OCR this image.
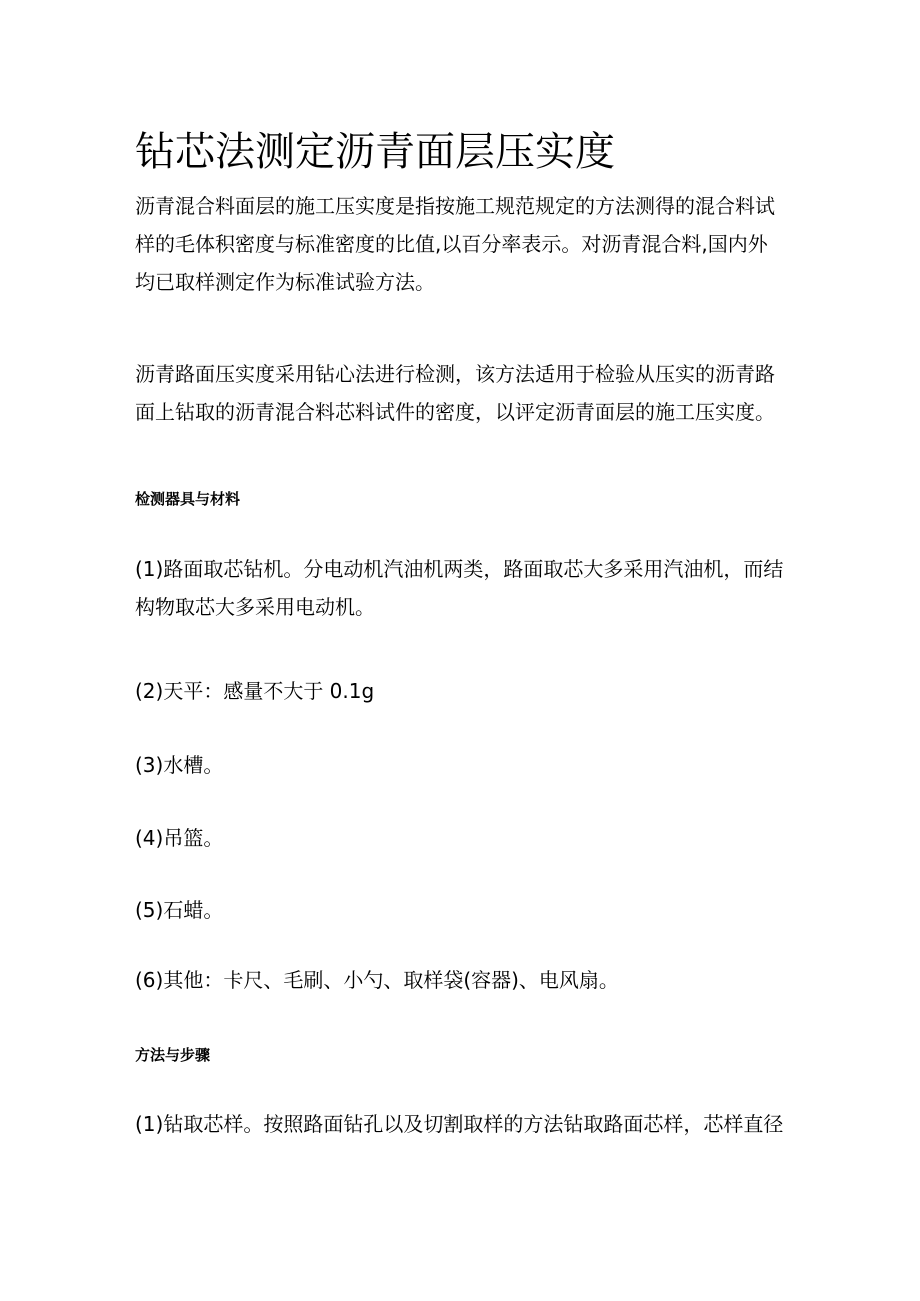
钻芯法测定沥青面层压实度
沥青混合料面层的施工压实度是指按施工规范规定的方法测得的混合料试
样的毛体积密度与标准密度的比值,以百分率表示。对沥青混合料,国内外
均已取样测定作为标准试验方法。
沥青路面压实度采用钻心法进行检测，该方法适用于检验从压实的沥青路
面上钻取的沥青混合料芯料试件的密度，以评定沥青面层的施工压实度。
检测器具与材料
(1)路面取芯钻机。分电动机汽油机两类，路面取芯大多采用汽油机，而结
构物取芯大多采用电动机。

(2)天平：感量不大于 0.1g

(3)水槽。

(4)吊篮。

(5)石蜡。

(6)其他：卡尺、毛刷、小勺、取样袋(容器)、电风扇。

方法与步骤

(1)钻取芯样。按照路面钻孔以及切割取样的方法钻取路面芯样，芯样直径
